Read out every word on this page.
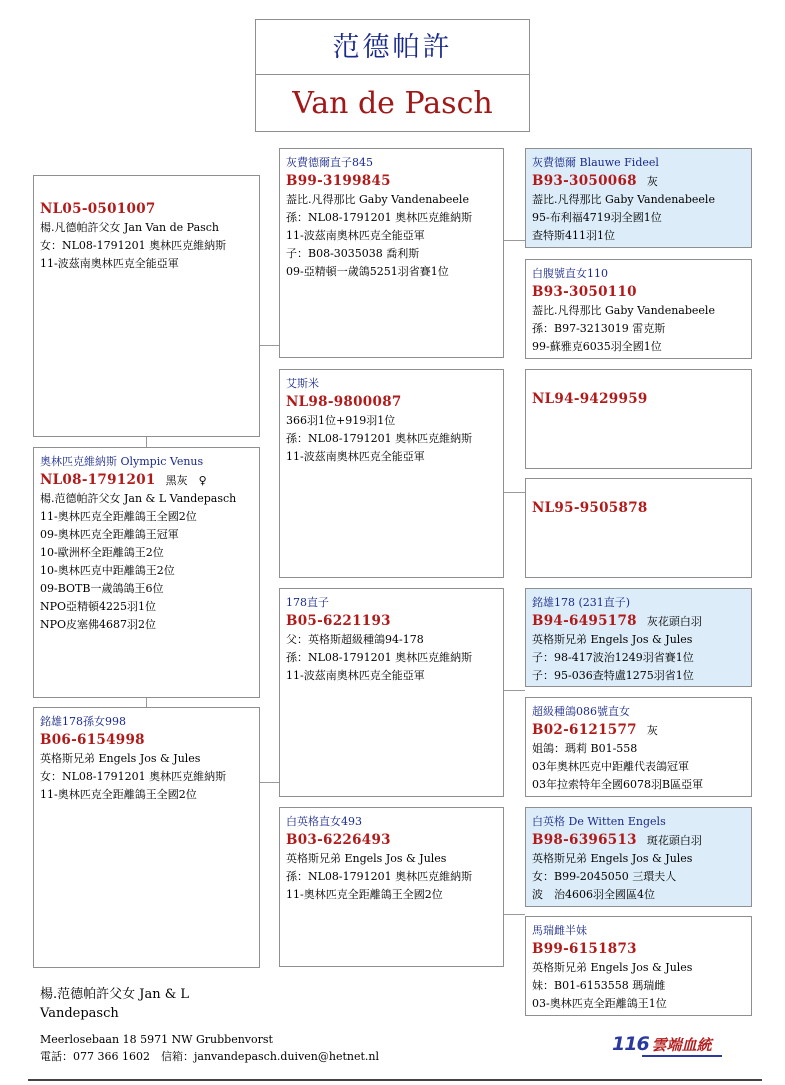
范德帕許
Van de Pasch
NL05-0501007
楊.凡德帕許父女 Jan Van de Pasch
女：NL08-1791201 奧林匹克維納斯
11-波茲南奧林匹克全能亞軍
奧林匹克維納斯 Olympic Venus
NL08-1791201 黑灰　♀
楊.范德帕許父女 Jan & L Vandepasch
11-奧林匹克全距離鴿王全國2位
09-奧林匹克全距離鴿王冠軍
10-歐洲杯全距離鴿王2位
10-奧林匹克中距離鴿王2位
09-BOTB一歲鴿鴿王6位
NPO亞精頓4225羽1位
NPO皮塞佛4687羽2位
銘雄178孫女998
B06-6154998
英格斯兄弟 Engels Jos & Jules
女：NL08-1791201 奧林匹克維納斯
11-奧林匹克全距離鴿王全國2位
灰費德爾直子845
B99-3199845
葢比.凡得那比 Gaby Vandenabeele
孫：NL08-1791201 奧林匹克維納斯
11-波茲南奧林匹克全能亞軍
子：B08-3035038 喬利斯
09-亞精頓一歲鴿5251羽省賽1位
艾斯米
NL98-9800087
366羽1位+919羽1位
孫：NL08-1791201 奧林匹克維納斯
11-波茲南奧林匹克全能亞軍
178直子
B05-6221193
父：英格斯超級種鴿94-178
孫：NL08-1791201 奧林匹克維納斯
11-波茲南奧林匹克全能亞軍
白英格直女493
B03-6226493
英格斯兄弟 Engels Jos & Jules
孫：NL08-1791201 奧林匹克維納斯
11-奧林匹克全距離鴿王全國2位
灰費德爾 Blauwe Fideel
B93-3050068 灰
葢比.凡得那比 Gaby Vandenabeele
95-布利福4719羽全國1位
查特斯411羽1位
白腹號直女110
B93-3050110
葢比.凡得那比 Gaby Vandenabeele
孫：B97-3213019 雷克斯
99-蘇雅克6035羽全國1位
NL94-9429959
NL95-9505878
銘雄178 (231直子)
B94-6495178 灰花頭白羽
英格斯兄弟 Engels Jos & Jules
子：98-417波治1249羽省賽1位
子：95-036查特盧1275羽省1位
超級種鴿086號直女
B02-6121577 灰
姐鴿：瑪莉 B01-558
03年奧林匹克中距離代表鴿冠軍
03年拉索特年全國6078羽B區亞軍
白英格 De Witten Engels
B98-6396513 斑花頭白羽
英格斯兄弟 Engels Jos & Jules
女：B99-2045050 三環夫人
波　治4606羽全國區4位
馬瑞雌半妹
B99-6151873
英格斯兄弟 Engels Jos & Jules
妹：B01-6153558 瑪瑞雌
03-奧林匹克全距離鴿王1位
楊.范德帕許父女 Jan & L Vandepasch
Meerlosebaan 18 5971 NW Grubbenvorst
電話：077 366 1602　信箱：janvandepasch.duiven@hetnet.nl
116 雲端血統
